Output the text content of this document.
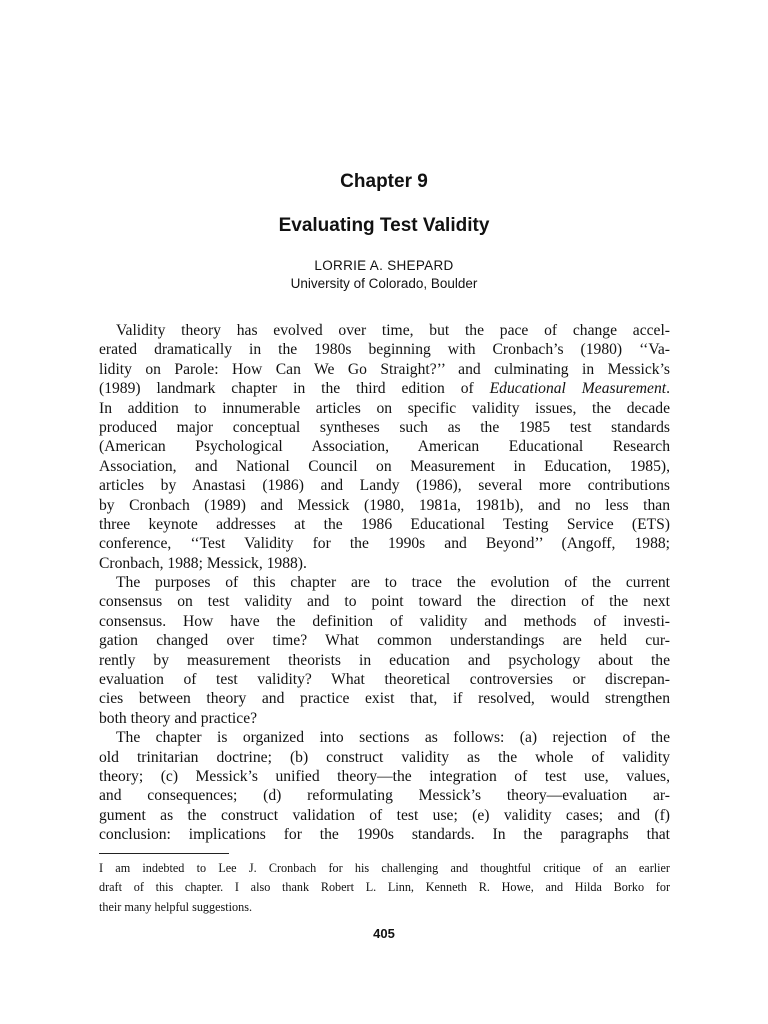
Chapter 9
Evaluating Test Validity
LORRIE A. SHEPARD
University of Colorado, Boulder
Validity theory has evolved over time, but the pace of change accel-
erated dramatically in the 1980s beginning with Cronbach’s (1980) ‘‘Va-
lidity on Parole: How Can We Go Straight?’’ and culminating in Messick’s
(1989) landmark chapter in the third edition of Educational Measurement.
In addition to innumerable articles on specific validity issues, the decade
produced major conceptual syntheses such as the 1985 test standards
(American Psychological Association, American Educational Research
Association, and National Council on Measurement in Education, 1985),
articles by Anastasi (1986) and Landy (1986), several more contributions
by Cronbach (1989) and Messick (1980, 1981a, 1981b), and no less than
three keynote addresses at the 1986 Educational Testing Service (ETS)
conference, ‘‘Test Validity for the 1990s and Beyond’’ (Angoff, 1988;
Cronbach, 1988; Messick, 1988).
The purposes of this chapter are to trace the evolution of the current
consensus on test validity and to point toward the direction of the next
consensus. How have the definition of validity and methods of investi-
gation changed over time? What common understandings are held cur-
rently by measurement theorists in education and psychology about the
evaluation of test validity? What theoretical controversies or discrepan-
cies between theory and practice exist that, if resolved, would strengthen
both theory and practice?
The chapter is organized into sections as follows: (a) rejection of the
old trinitarian doctrine; (b) construct validity as the whole of validity
theory; (c) Messick’s unified theory—the integration of test use, values,
and consequences; (d) reformulating Messick’s theory—evaluation ar-
gument as the construct validation of test use; (e) validity cases; and (f)
conclusion: implications for the 1990s standards. In the paragraphs that
I am indebted to Lee J. Cronbach for his challenging and thoughtful critique of an earlier
draft of this chapter. I also thank Robert L. Linn, Kenneth R. Howe, and Hilda Borko for
their many helpful suggestions.
405
